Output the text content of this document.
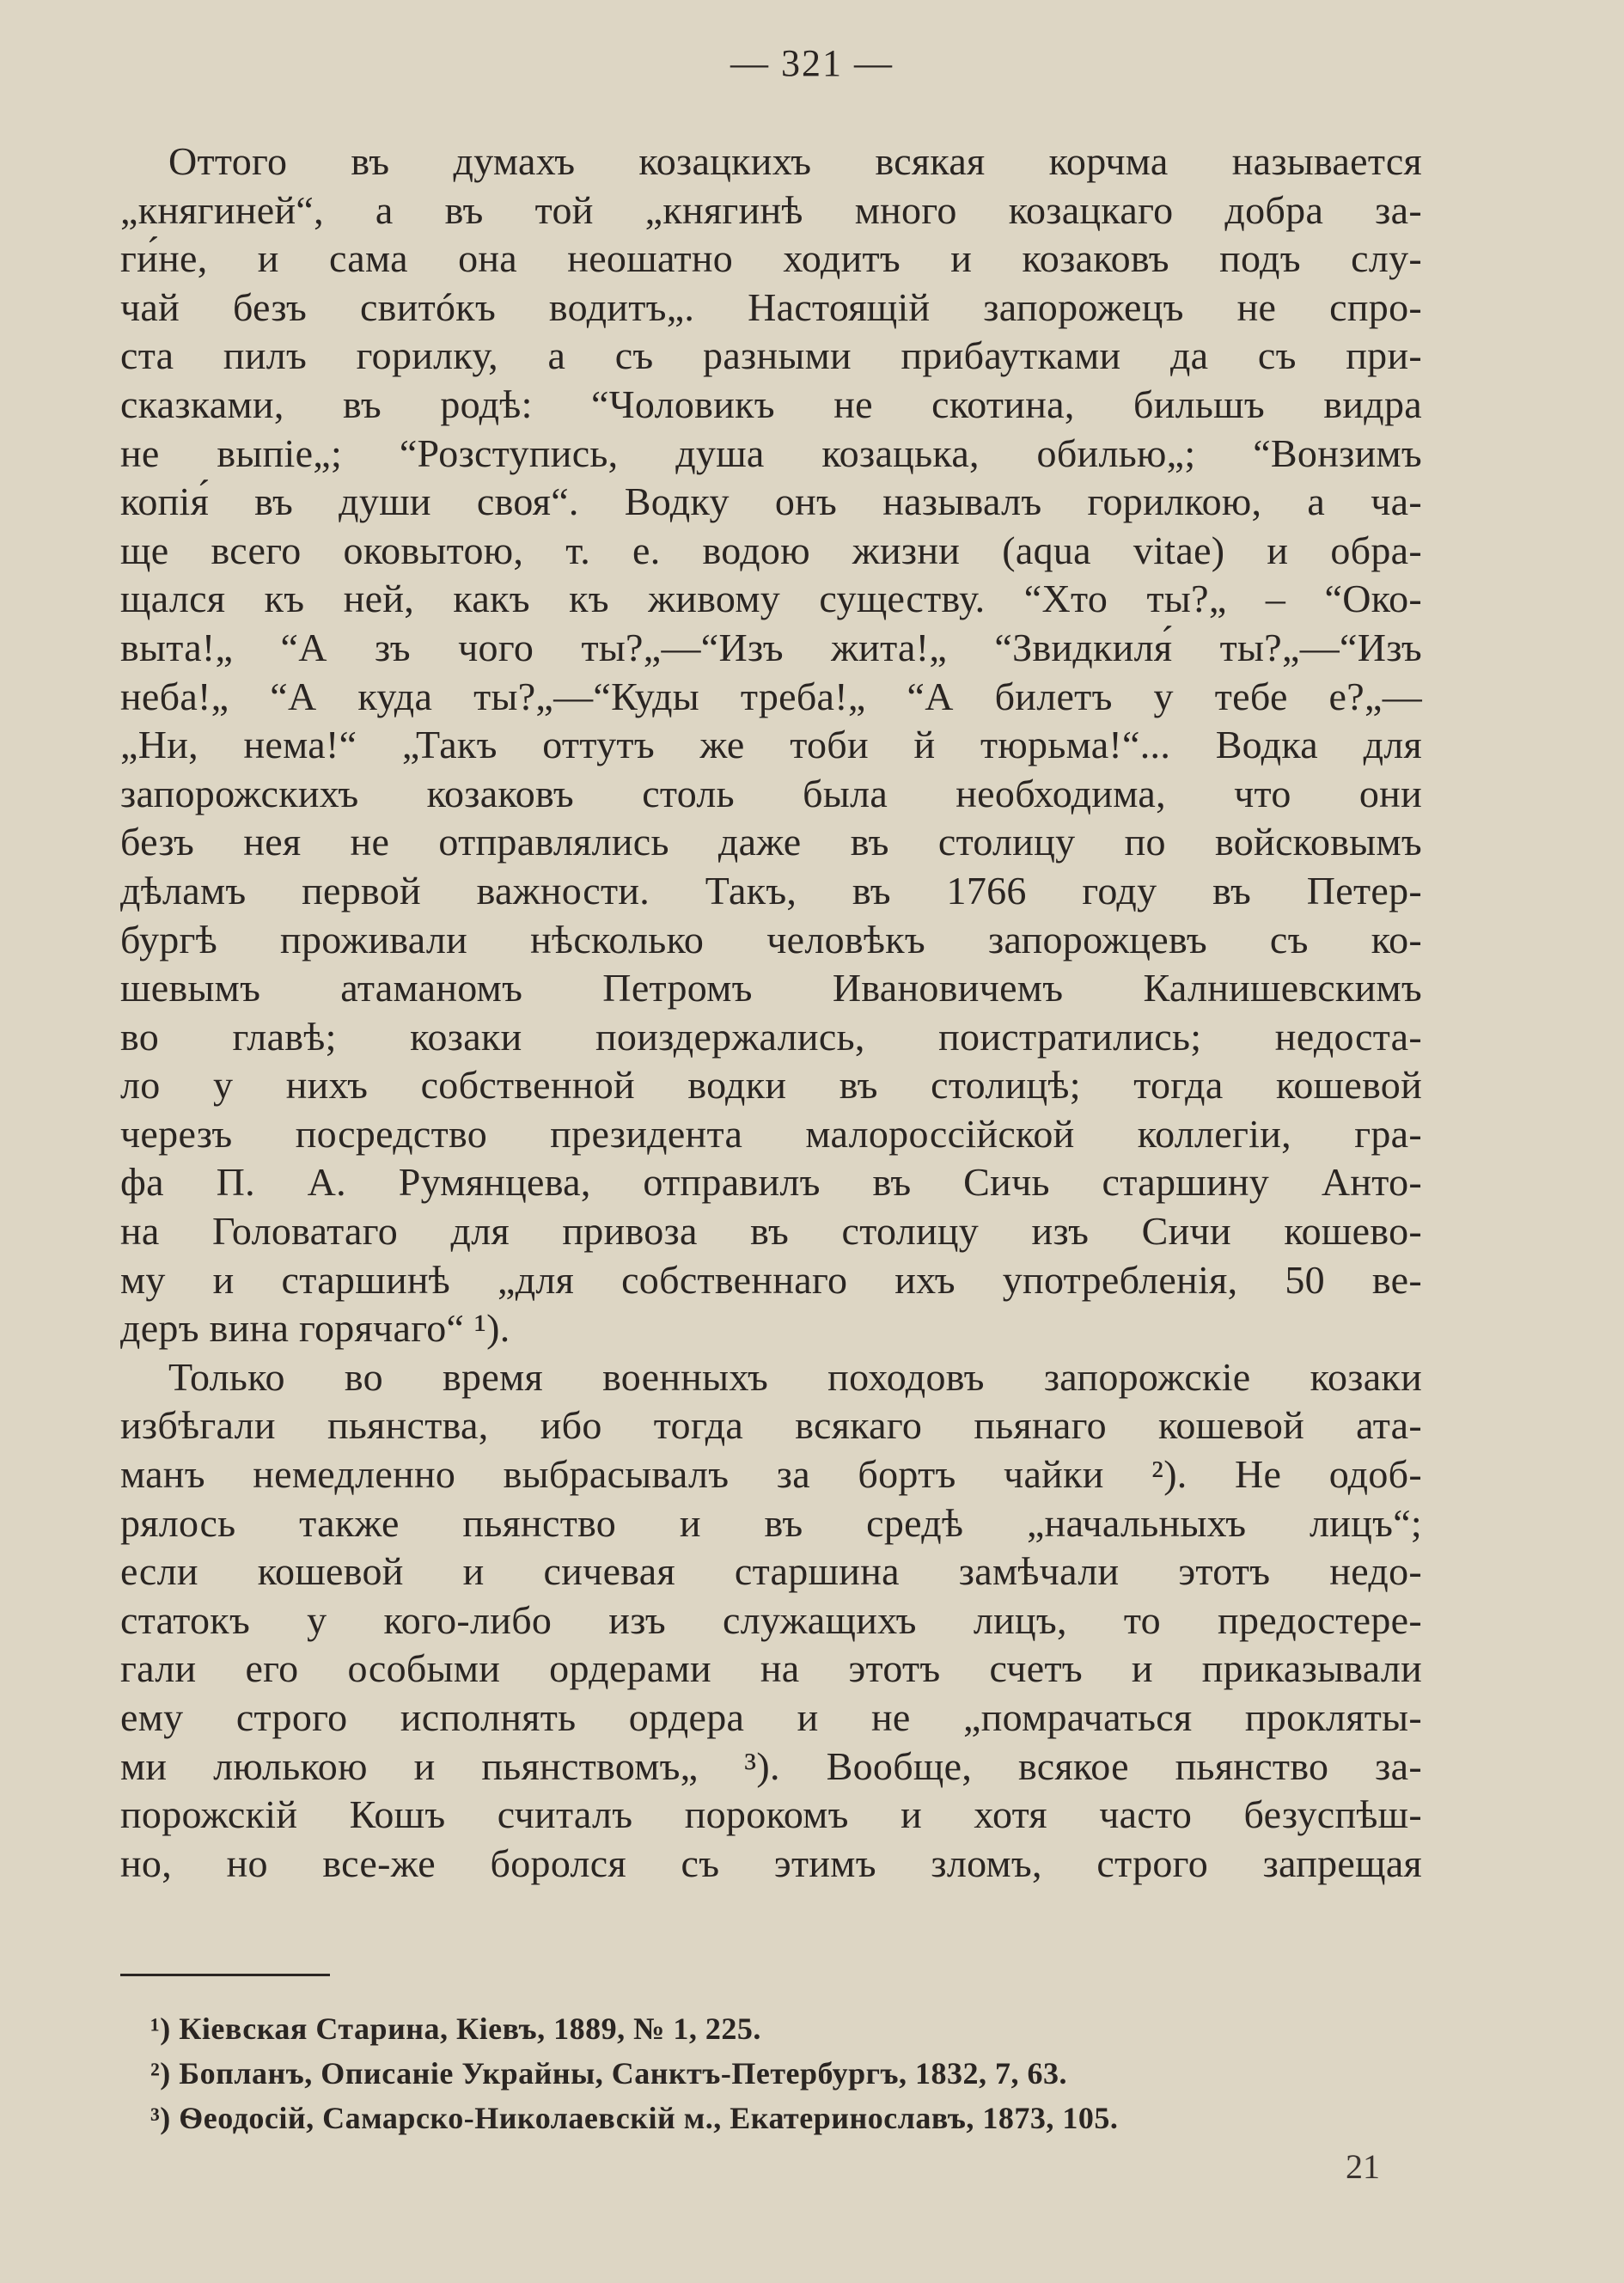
— 321 —
Оттого въ думахъ козацкихъ всякая корчма называется
„княгиней“, а въ той „княгинѣ много козацкаго добра за-
ги́не, и сама она неошатно ходитъ и козаковъ подъ слу-
чай безъ свитóкъ водитъ„. Настоящій запорожецъ не спро-
ста пилъ горилку, а съ разными прибаутками да съ при-
сказками, въ родѣ: “Чоловикъ не скотина, бильшъ видра
не выпіе„; “Розступись, душа козацька, обилью„; “Вонзимъ
копія́ въ души своя“. Водку онъ называлъ горилкою, а ча-
ще всего оковытою, т. е. водою жизни (aqua vitae) и обра-
щался къ ней, какъ къ живому существу. “Хто ты?„ – “Око-
выта!„ “А зъ чого ты?„—“Изъ жита!„ “Звидкиля́ ты?„—“Изъ
неба!„ “А куда ты?„—“Куды треба!„ “А билетъ у тебе е?„—
„Ни, нема!“ „Такъ оттутъ же тоби й тюрьма!“... Водка для
запорожскихъ козаковъ столь была необходима, что они
безъ нея не отправлялись даже въ столицу по войсковымъ
дѣламъ первой важности. Такъ, въ 1766 году въ Петер-
бургѣ проживали нѣсколько человѣкъ запорожцевъ съ ко-
шевымъ атаманомъ Петромъ Ивановичемъ Калнишевскимъ
во главѣ; козаки поиздержались, поистратились; недоста-
ло у нихъ собственной водки въ столицѣ; тогда кошевой
черезъ посредство президента малороссійской коллегіи, гра-
фа П. А. Румянцева, отправилъ въ Сичь старшину Анто-
на Головатаго для привоза въ столицу изъ Сичи кошево-
му и старшинѣ „для собственнаго ихъ употребленія, 50 ве-
деръ вина горячаго“ ¹).
Только во время военныхъ походовъ запорожскіе козаки
избѣгали пьянства, ибо тогда всякаго пьянаго кошевой ата-
манъ немедленно выбрасывалъ за бортъ чайки ²). Не одоб-
рялось также пьянство и въ средѣ „начальныхъ лицъ“;
если кошевой и сичевая старшина замѣчали этотъ недо-
статокъ у кого-либо изъ служащихъ лицъ, то предостере-
гали его особыми ордерами на этотъ счетъ и приказывали
ему строго исполнять ордера и не „помрачаться прокляты-
ми люлькою и пьянствомъ„ ³). Вообще, всякое пьянство за-
порожскій Кошъ считалъ порокомъ и хотя часто безуспѣш-
но, но все-же боролся съ этимъ зломъ, строго запрещая
¹) Кіевская Старина, Кіевъ, 1889, № 1, 225.
²) Бопланъ, Описаніе Украйны, Санктъ-Петербургъ, 1832, 7, 63.
³) Ѳеодосій, Самарско-Николаевскій м., Екатеринославъ, 1873, 105.
21
